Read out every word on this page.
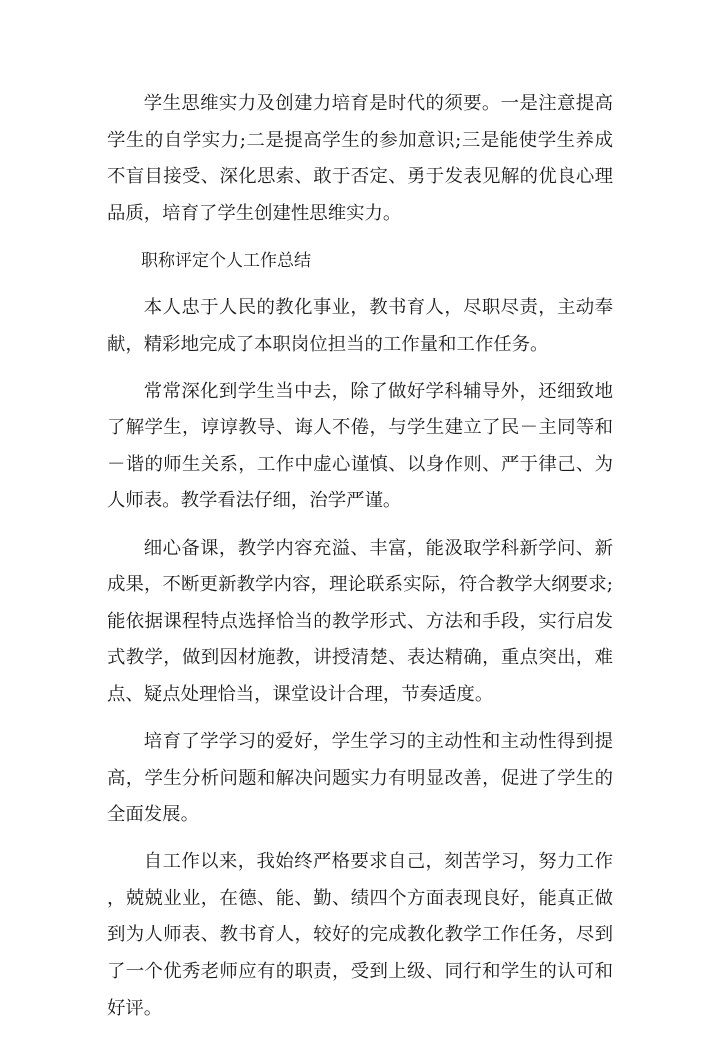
学生思维实力及创建力培育是时代的须要。一是注意提高学生的自学实力;二是提高学生的参加意识;三是能使学生养成不盲目接受、深化思索、敢于否定、勇于发表见解的优良心理品质，培育了学生创建性思维实力。

职称评定个人工作总结

本人忠于人民的教化事业，教书育人，尽职尽责，主动奉献，精彩地完成了本职岗位担当的工作量和工作任务。

常常深化到学生当中去，除了做好学科辅导外，还细致地了解学生，谆谆教导、诲人不倦，与学生建立了民－主同等和－谐的师生关系，工作中虚心谨慎、以身作则、严于律己、为人师表。教学看法仔细，治学严谨。

细心备课，教学内容充溢、丰富，能汲取学科新学问、新成果，不断更新教学内容，理论联系实际，符合教学大纲要求;能依据课程特点选择恰当的教学形式、方法和手段，实行启发式教学，做到因材施教，讲授清楚、表达精确，重点突出，难点、疑点处理恰当，课堂设计合理，节奏适度。

培育了学学习的爱好，学生学习的主动性和主动性得到提高，学生分析问题和解决问题实力有明显改善，促进了学生的全面发展。

自工作以来，我始终严格要求自己，刻苦学习，努力工作，兢兢业业，在德、能、勤、绩四个方面表现良好，能真正做到为人师表、教书育人，较好的完成教化教学工作任务，尽到了一个优秀老师应有的职责，受到上级、同行和学生的认可和好评。
